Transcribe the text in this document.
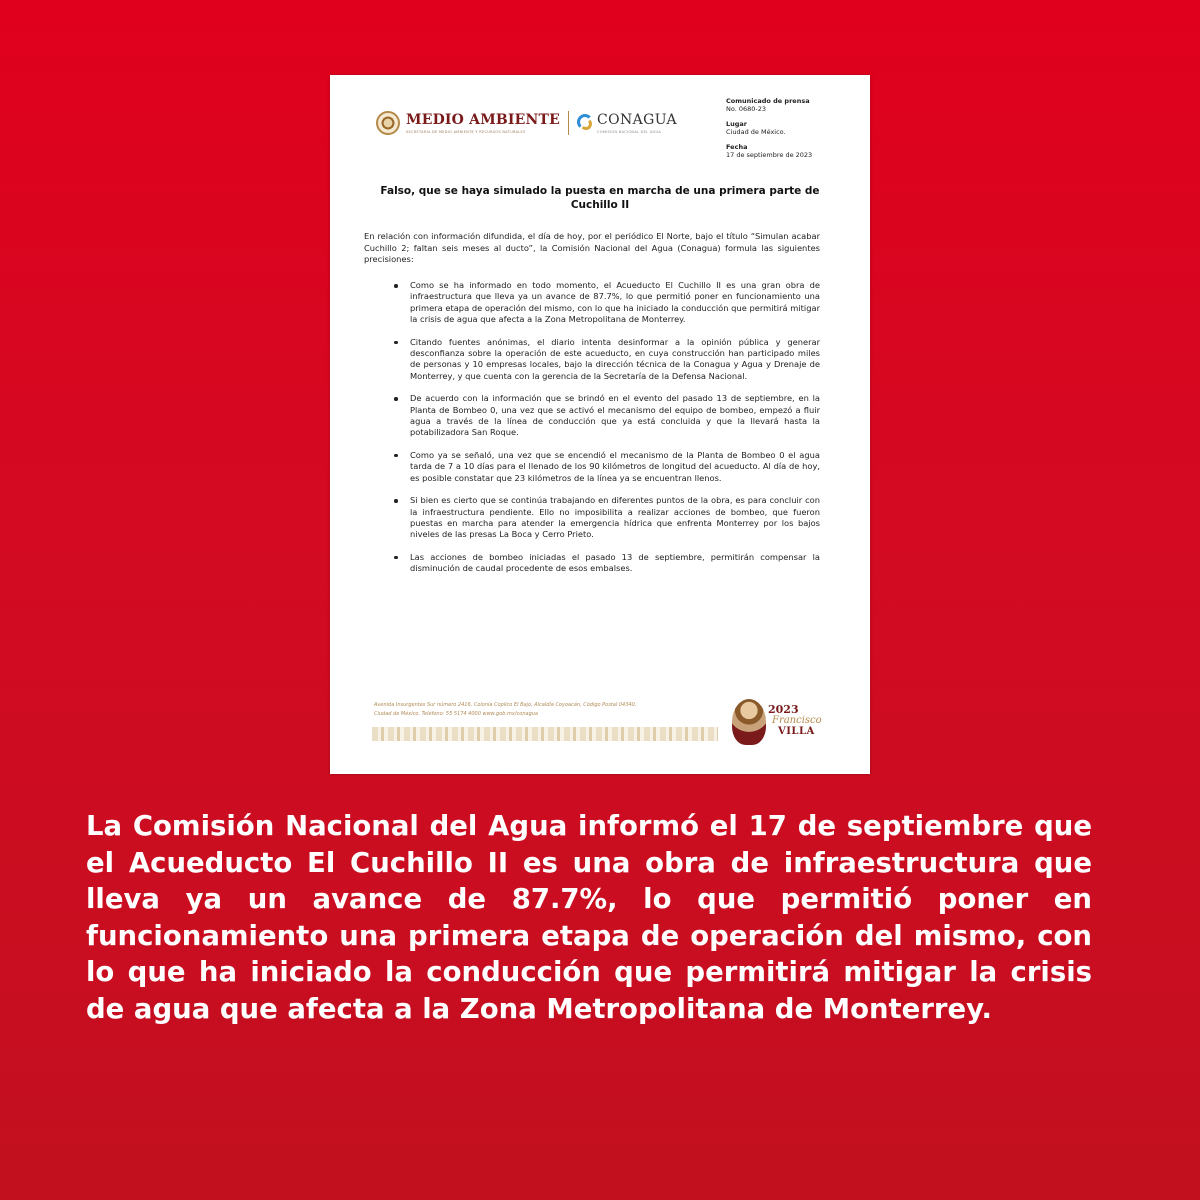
MEDIO AMBIENTE
SECRETARÍA DE MEDIO AMBIENTE Y RECURSOS NATURALES
CONAGUA
COMISIÓN NACIONAL DEL AGUA
Comunicado de prensa
No. 0680-23
Lugar
Ciudad de México.
Fecha
17 de septiembre de 2023
Falso, que se haya simulado la puesta en marcha de una primera parte de Cuchillo II
En relación con información difundida, el día de hoy, por el periódico El Norte, bajo el título “Simulan acabar Cuchillo 2; faltan seis meses al ducto”, la Comisión Nacional del Agua (Conagua) formula las siguientes precisiones:
Como se ha informado en todo momento, el Acueducto El Cuchillo II es una gran obra de infraestructura que lleva ya un avance de 87.7%, lo que permitió poner en funcionamiento una primera etapa de operación del mismo, con lo que ha iniciado la conducción que permitirá mitigar la crisis de agua que afecta a la Zona Metropolitana de Monterrey.
Citando fuentes anónimas, el diario intenta desinformar a la opinión pública y generar desconfianza sobre la operación de este acueducto, en cuya construcción han participado miles de personas y 10 empresas locales, bajo la dirección técnica de la Conagua y Agua y Drenaje de Monterrey, y que cuenta con la gerencia de la Secretaría de la Defensa Nacional.
De acuerdo con la información que se brindó en el evento del pasado 13 de septiembre, en la Planta de Bombeo 0, una vez que se activó el mecanismo del equipo de bombeo, empezó a fluir agua a través de la línea de conducción que ya está concluida y que la llevará hasta la potabilizadora San Roque.
Como ya se señaló, una vez que se encendió el mecanismo de la Planta de Bombeo 0 el agua tarda de 7 a 10 días para el llenado de los 90 kilómetros de longitud del acueducto. Al día de hoy, es posible constatar que 23 kilómetros de la línea ya se encuentran llenos.
Si bien es cierto que se continúa trabajando en diferentes puntos de la obra, es para concluir con la infraestructura pendiente. Ello no imposibilita a realizar acciones de bombeo, que fueron puestas en marcha para atender la emergencia hídrica que enfrenta Monterrey por los bajos niveles de las presas La Boca y Cerro Prieto.
Las acciones de bombeo iniciadas el pasado 13 de septiembre, permitirán compensar la disminución de caudal procedente de esos embalses.
Avenida Insurgentes Sur número 2416, Colonia Copilco El Bajo, Alcaldía Coyoacán, Código Postal 04340,
Ciudad de México. Teléfono: 55 5174 4000 www.gob.mx/conagua	2023
Francisco
VILLA
La Comisión Nacional del Agua informó el 17 de septiembre que el Acueducto El Cuchillo II es una obra de infraestructura que lleva ya un avance de 87.7%, lo que permitió poner en funcionamiento una primera etapa de operación del mismo, con lo que ha iniciado la conducción que permitirá mitigar la crisis de agua que afecta a la Zona Metropolitana de Monterrey.
